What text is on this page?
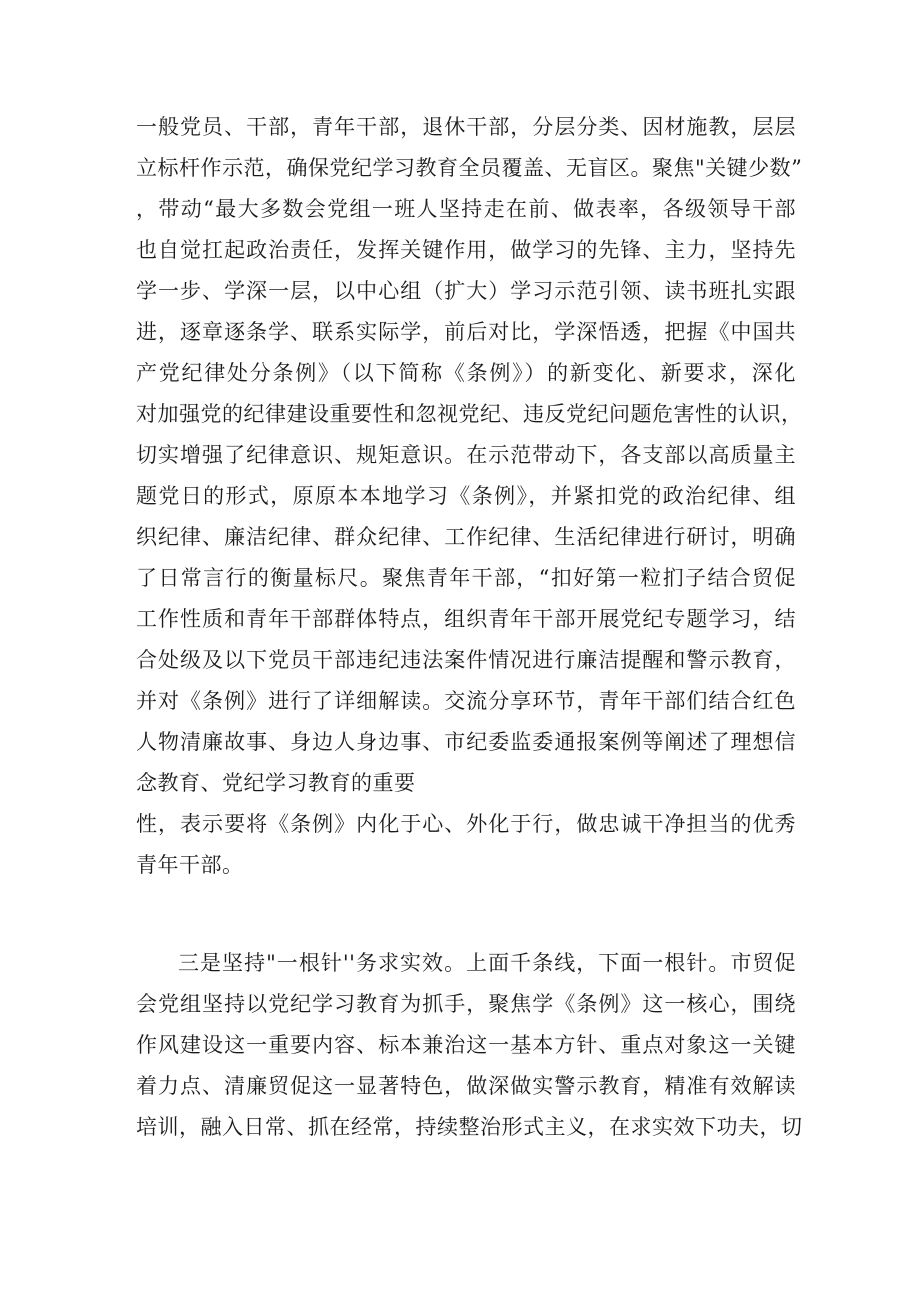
一般党员、干部，青年干部，退休干部，分层分类、因材施教，层层
立标杆作示范，确保党纪学习教育全员覆盖、无盲区。聚焦"关键少数”
，带动“最大多数会党组一班人坚持走在前、做表率，各级领导干部
也自觉扛起政治责任，发挥关键作用，做学习的先锋、主力，坚持先
学一步、学深一层，以中心组（扩大）学习示范引领、读书班扎实跟
进，逐章逐条学、联系实际学，前后对比，学深悟透，把握《中国共
产党纪律处分条例》（以下简称《条例》）的新变化、新要求，深化
对加强党的纪律建设重要性和忽视党纪、违反党纪问题危害性的认识，
切实增强了纪律意识、规矩意识。在示范带动下，各支部以高质量主
题党日的形式，原原本本地学习《条例》，并紧扣党的政治纪律、组
织纪律、廉洁纪律、群众纪律、工作纪律、生活纪律进行研讨，明确
了日常言行的衡量标尺。聚焦青年干部，“扣好第一粒扪子结合贸促
工作性质和青年干部群体特点，组织青年干部开展党纪专题学习，结
合处级及以下党员干部违纪违法案件情况进行廉洁提醒和警示教育，
并对《条例》进行了详细解读。交流分享环节，青年干部们结合红色
人物清廉故事、身边人身边事、市纪委监委通报案例等阐述了理想信
念教育、党纪学习教育的重要
性，表示要将《条例》内化于心、外化于行，做忠诚干净担当的优秀
青年干部。
三是坚持"一根针''务求实效。上面千条线，下面一根针。市贸促
会党组坚持以党纪学习教育为抓手，聚焦学《条例》这一核心，围绕
作风建设这一重要内容、标本兼治这一基本方针、重点对象这一关键
着力点、清廉贸促这一显著特色，做深做实警示教育，精准有效解读
培训，融入日常、抓在经常，持续整治形式主义，在求实效下功夫，切
